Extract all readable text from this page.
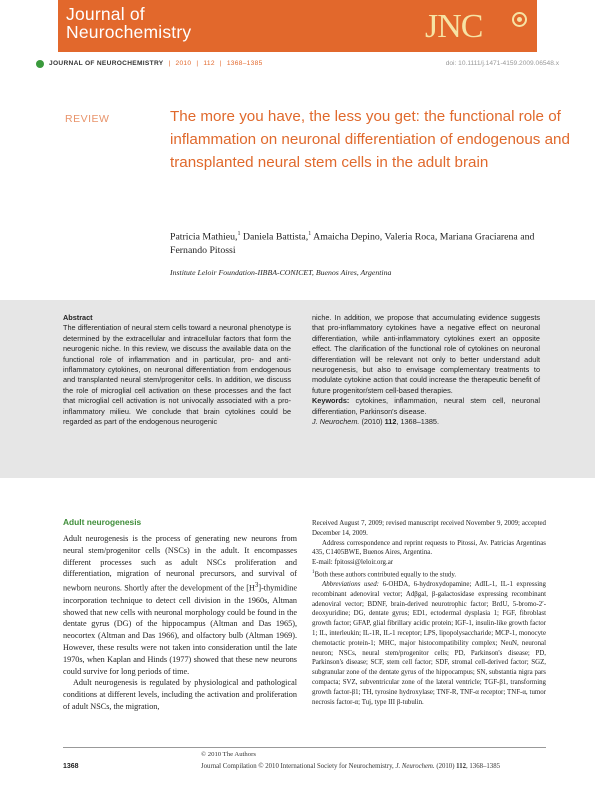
Journal of
Neurochemistry	JNC
JOURNAL OF NEUROCHEMISTRY | 2010 | 112 | 1368–1385	doi: 10.1111/j.1471-4159.2009.06548.x
REVIEW	The more you have, the less you get: the functional role of inflammation on neuronal differentiation of endogenous and transplanted neural stem cells in the adult brain
Patricia Mathieu,$^1$ Daniela Battista,$^1$ Amaicha Depino, Valeria Roca, Mariana Graciarena and Fernando Pitossi
Institute Leloir Foundation-IIBBA-CONICET, Buenos Aires, Argentina
Abstract
The differentiation of neural stem cells toward a neuronal phenotype is determined by the extracellular and intracellular factors that form the neurogenic niche. In this review, we discuss the available data on the functional role of inflammation and in particular, pro- and anti-inflammatory cytokines, on neuronal differentiation from endogenous and transplanted neural stem/progenitor cells. In addition, we discuss the role of microglial cell activation on these processes and the fact that microglial cell activation is not univocally associated with a pro-inflammatory milieu. We conclude that brain cytokines could be regarded as part of the endogenous neurogenic
niche. In addition, we propose that accumulating evidence suggests that pro-inflammatory cytokines have a negative effect on neuronal differentiation, while anti-inflammatory cytokines exert an opposite effect. The clarification of the functional role of cytokines on neuronal differentiation will be relevant not only to better understand adult neurogenesis, but also to envisage complementary treatments to modulate cytokine action that could increase the therapeutic benefit of future progenitor/stem cell-based therapies.
Keywords: cytokines, inflammation, neural stem cell, neuronal differentiation, Parkinson's disease.
J. Neurochem. (2010) 112, 1368–1385.
Adult neurogenesis

Adult neurogenesis is the process of generating new neurons from neural stem/progenitor cells (NSCs) in the adult. It encompasses different processes such as adult NSCs proliferation and differentiation, migration of neuronal precursors, and survival of newborn neurons. Shortly after the development of the $[H^3]$-thymidine incorporation technique to detect cell division in the 1960s, Altman showed that new cells with neuronal morphology could be found in the dentate gyrus (DG) of the hippocampus (Altman and Das 1965), neocortex (Altman and Das 1966), and olfactory bulb (Altman 1969). However, these results were not taken into consideration until the late 1970s, when Kaplan and Hinds (1977) showed that these new neurons could survive for long periods of time.

Adult neurogenesis is regulated by physiological and pathological conditions at different levels, including the activation and proliferation of adult NSCs, the migration,

Received August 7, 2009; revised manuscript received November 9, 2009; accepted December 14, 2009.

Address correspondence and reprint requests to Pitossi, Av. Patricias Argentinas 435, C1405BWE, Buenos Aires, Argentina.

E-mail: fpitossi@leloir.org.ar

$^1$Both these authors contributed equally to the study.

Abbreviations used: 6-OHDA, 6-hydroxydopamine; AdIL-1, IL-1 expressing recombinant adenoviral vector; Adβgal, β-galactosidase expressing recombinant adenoviral vector; BDNF, brain-derived neurotrophic factor; BrdU, 5-bromo-2′-deoxyuridine; DG, dentate gyrus; ED1, ectodermal dysplasia 1; FGF, fibroblast growth factor; GFAP, glial fibrillary acidic protein; IGF-1, insulin-like growth factor 1; IL, interleukin; IL-1R, IL-1 receptor; LPS, lipopolysaccharide; MCP-1, monocyte chemotactic protein-1; MHC, major histocompatibility complex; NeuN, neuronal neuron; NSCs, neural stem/progenitor cells; PD, Parkinson's disease; PD, Parkinson's disease; SCF, stem cell factor; SDF, stromal cell-derived factor; SGZ, subgranular zone of the dentate gyrus of the hippocampus; SN, substantia nigra pars compacta; SVZ, subventricular zone of the lateral ventricle; TGF-β1, transforming growth factor-β1; TH, tyrosine hydroxylase; TNF-R, TNF-α receptor; TNF-α, tumor necrosis factor-α; Tuj, type III β-tubulin.

© 2010 The Authors
1368	Journal Compilation © 2010 International Society for Neurochemistry, J. Neurochem. (2010) 112, 1368–1385
